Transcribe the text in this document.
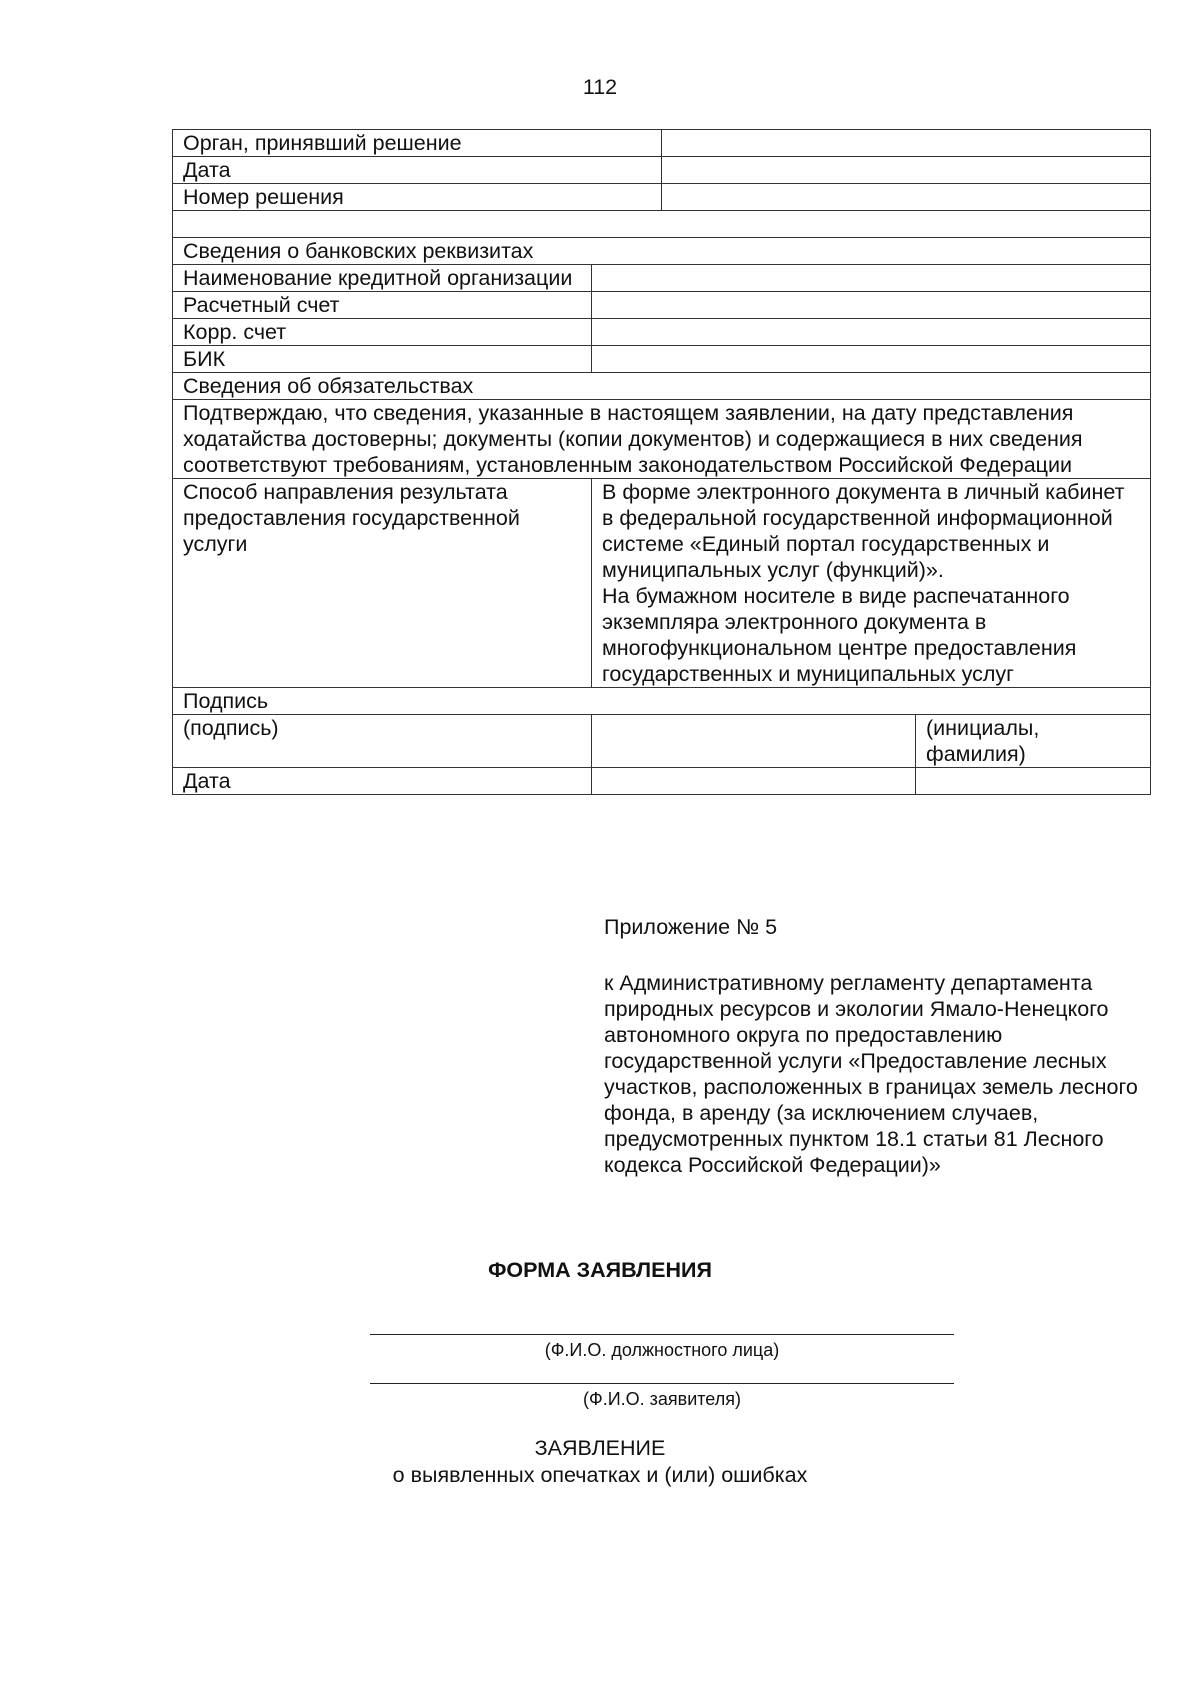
112
Орган, принявший решение			
Дата			
Номер решения			

Сведения о банковских реквизитах			
Наименование кредитной организации			
Расчетный счет			
Корр. счет			
БИК			
Сведения об обязательствах			
Подтверждаю, что сведения, указанные в настоящем заявлении, на дату представления ходатайства достоверны; документы (копии документов) и содержащиеся в них сведения соответствуют требованиям, установленным законодательством Российской Федерации			
Способ направления результата предоставления государственной услуги	В форме электронного документа в личный кабинет в федеральной государственной информационной системе «Единый портал государственных и муниципальных услуг (функций)».
На бумажном носителе в виде распечатанного экземпляра электронного документа в многофункциональном центре предоставления государственных и муниципальных услуг		

Подпись			
(подпись)			(инициалы, фамилия)
Дата			
Приложение № 5
к Административному регламенту департамента природных ресурсов и экологии Ямало-Ненецкого автономного округа по предоставлению государственной услуги «Предоставление лесных участков, расположенных в границах земель лесного фонда, в аренду (за исключением случаев, предусмотренных пунктом 18.1 статьи 81 Лесного кодекса Российской Федерации)»
ФОРМА ЗАЯВЛЕНИЯ
(Ф.И.О. должностного лица)
(Ф.И.О. заявителя)
ЗАЯВЛЕНИЕ
о выявленных опечатках и (или) ошибках
